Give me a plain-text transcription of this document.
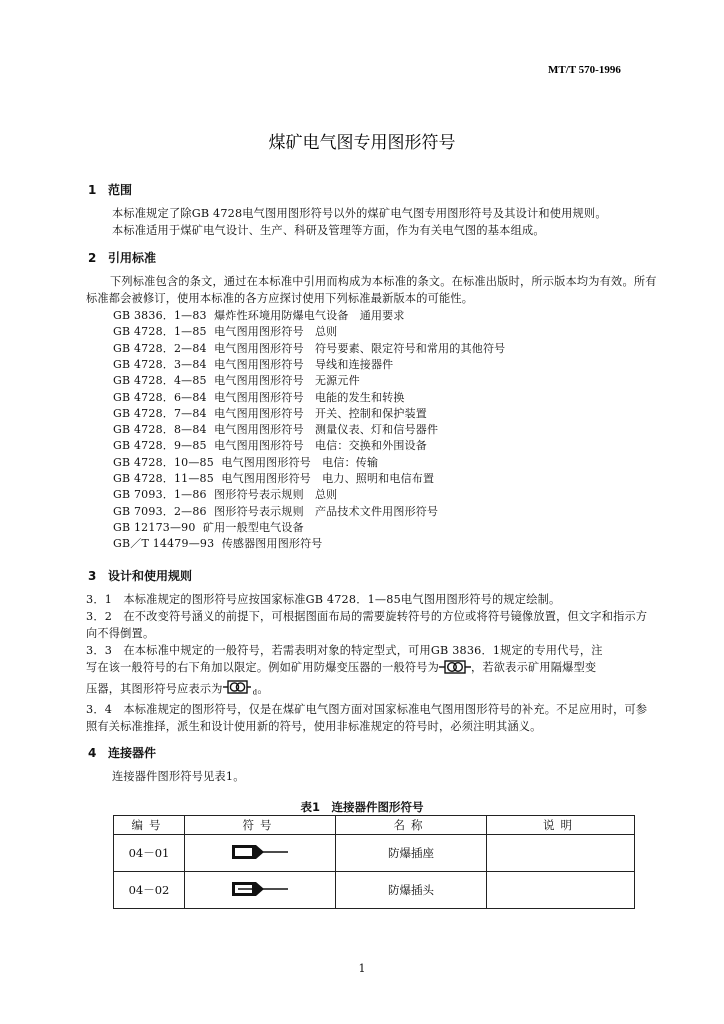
MT/T 570-1996
煤矿电气图专用图形符号
1 范围
本标准规定了除GB 4728电气图用图形符号以外的煤矿电气图专用图形符号及其设计和使用规则。
本标准适用于煤矿电气设计、生产、科研及管理等方面，作为有关电气图的基本组成。
2 引用标准
下列标准包含的条文，通过在本标准中引用而构成为本标准的条文。在标准出版时，所示版本均为有效。所有标准都会被修订，使用本标准的各方应探讨使用下列标准最新版本的可能性。
GB 3836．1—83 爆炸性环境用防爆电气设备　通用要求
GB 4728．1—85 电气图用图形符号　总则
GB 4728．2—84 电气图用图形符号　符号要素、限定符号和常用的其他符号
GB 4728．3—84 电气图用图形符号　导线和连接器件
GB 4728．4—85 电气图用图形符号　无源元件
GB 4728．6—84 电气图用图形符号　电能的发生和转换
GB 4728．7—84 电气图用图形符号　开关、控制和保护装置
GB 4728．8—84 电气图用图形符号　测量仪表、灯和信号器件
GB 4728．9—85 电气图用图形符号　电信：交换和外围设备
GB 4728．10—85 电气图用图形符号　电信：传输
GB 4728．11—85 电气图用图形符号　电力、照明和电信布置
GB 7093．1—86 图形符号表示规则　总则
GB 7093．2—86 图形符号表示规则　产品技术文件用图形符号
GB 12173—90 矿用一般型电气设备
GB／T 14479—93 传感器图用图形符号
3 设计和使用规则
3．1　本标准规定的图形符号应按国家标准GB 4728．1—85电气图用图形符号的规定绘制。
3．2　在不改变符号涵义的前提下，可根据图面布局的需要旋转符号的方位或将符号镜像放置，但文字和指示方向不得倒置。
3．3　在本标准中规定的一般符号，若需表明对象的特定型式，可用GB 3836．1规定的专用代号，注
写在该一般符号的右下角加以限定。例如矿用防爆变压器的一般符号为	，若欲表示矿用隔爆型变
压器，其图形符号应表示为	d。
3．4　本标准规定的图形符号，仅是在煤矿电气图方面对国家标准电气图用图形符号的补充。不足应用时，可参照有关标准推择，派生和设计使用新的符号，使用非标准规定的符号时，必须注明其涵义。
4 连接器件
连接器件图形符号见表1。
表1　连接器件图形符号
编号	符号	名称	说明
04－01		防爆插座	
04－02		防爆插头	
1
